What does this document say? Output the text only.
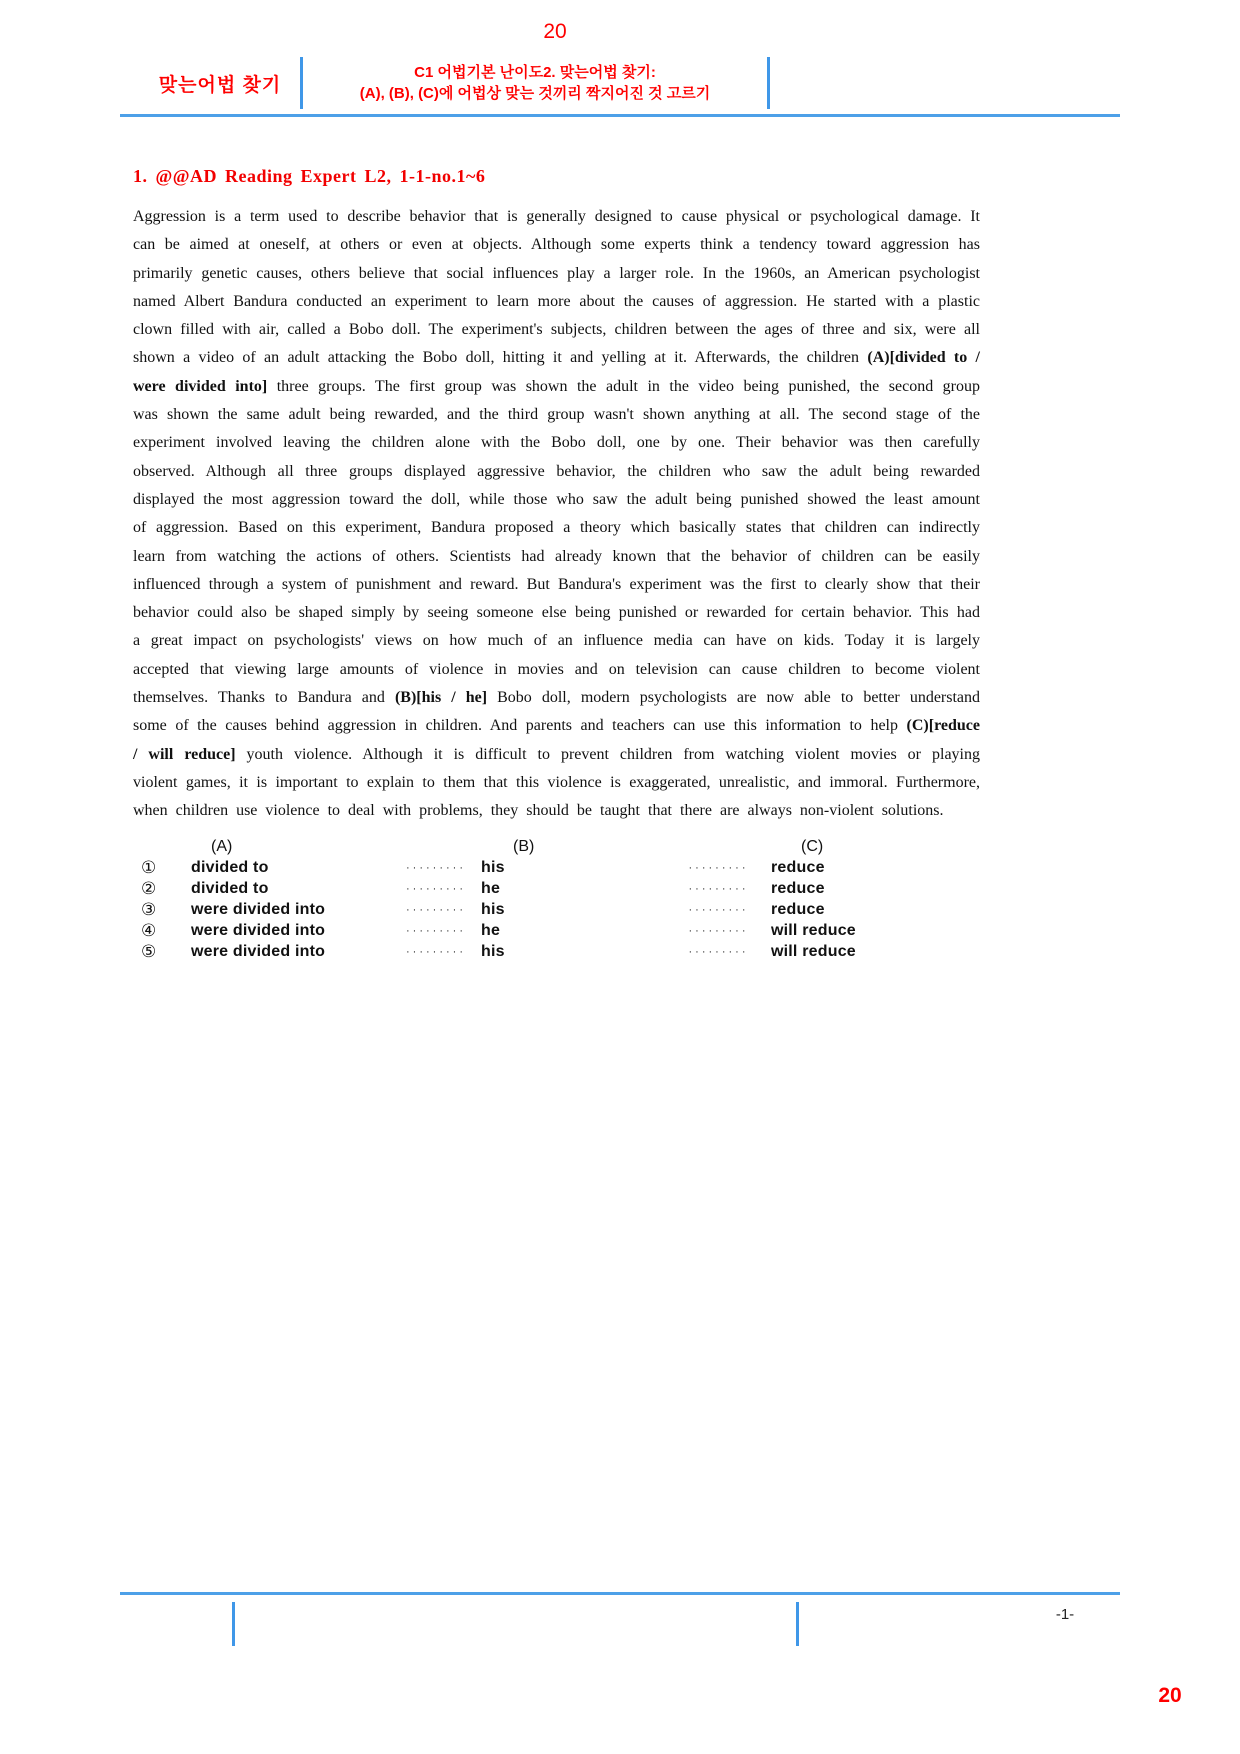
20
맞는어법 찾기
C1 어법기본 난이도2. 맞는어법 찾기:
(A), (B), (C)에 어법상 맞는 것끼리 짝지어진 것 고르기
1. @@AD Reading Expert L2, 1-1-no.1~6

Aggression is a term used to describe behavior that is generally designed to cause physical or psychological damage. It can be aimed at oneself, at others or even at objects. Although some experts think a tendency toward aggression has primarily genetic causes, others believe that social influences play a larger role. In the 1960s, an American psychologist named Albert Bandura conducted an experiment to learn more about the causes of aggression. He started with a plastic clown filled with air, called a Bobo doll. The experiment's subjects, children between the ages of three and six, were all shown a video of an adult attacking the Bobo doll, hitting it and yelling at it. Afterwards, the children (A)[divided to / were divided into] three groups. The first group was shown the adult in the video being punished, the second group was shown the same adult being rewarded, and the third group wasn't shown anything at all. The second stage of the experiment involved leaving the children alone with the Bobo doll, one by one. Their behavior was then carefully observed. Although all three groups displayed aggressive behavior, the children who saw the adult being rewarded displayed the most aggression toward the doll, while those who saw the adult being punished showed the least amount of aggression. Based on this experiment, Bandura proposed a theory which basically states that children can indirectly learn from watching the actions of others. Scientists had already known that the behavior of children can be easily influenced through a system of punishment and reward. But Bandura's experiment was the first to clearly show that their behavior could also be shaped simply by seeing someone else being punished or rewarded for certain behavior. This had a great impact on psychologists' views on how much of an influence media can have on kids. Today it is largely accepted that viewing large amounts of violence in movies and on television can cause children to become violent themselves. Thanks to Bandura and (B)[his / he] Bobo doll, modern psychologists are now able to better understand some of the causes behind aggression in children. And parents and teachers can use this information to help (C)[reduce / will reduce] youth violence. Although it is difficult to prevent children from watching violent movies or playing violent games, it is important to explain to them that this violence is exaggerated, unrealistic, and immoral. Furthermore, when children use violence to deal with problems, they should be taught that there are always non-violent solutions.

(A)	(B)	(C)
①	divided to	········· his	·········	reduce
②	divided to	········· he	·········	reduce
③	were divided into	········· his	·········	reduce
④	were divided into	········· he	·········	will reduce
⑤	were divided into	········· his	·········	will reduce
-1-
20
